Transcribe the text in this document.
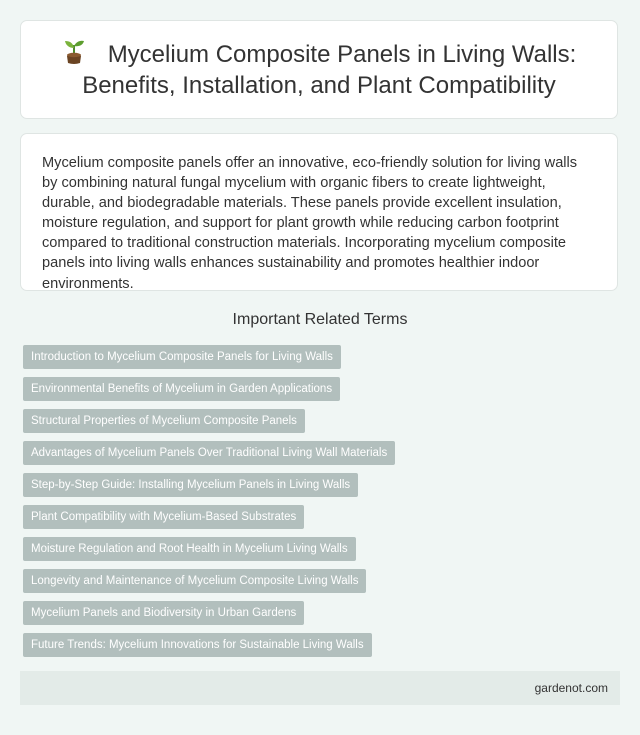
Mycelium Composite Panels in Living Walls:
Benefits, Installation, and Plant Compatibility

Mycelium composite panels offer an innovative, eco-friendly solution for living walls by combining natural fungal mycelium with organic fibers to create lightweight, durable, and biodegradable materials. These panels provide excellent insulation, moisture regulation, and support for plant growth while reducing carbon footprint compared to traditional construction materials. Incorporating mycelium composite panels into living walls enhances sustainability and promotes healthier indoor environments.

Important Related Terms
Introduction to Mycelium Composite Panels for Living Walls
Environmental Benefits of Mycelium in Garden Applications
Structural Properties of Mycelium Composite Panels
Advantages of Mycelium Panels Over Traditional Living Wall Materials
Step-by-Step Guide: Installing Mycelium Panels in Living Walls
Plant Compatibility with Mycelium-Based Substrates
Moisture Regulation and Root Health in Mycelium Living Walls
Longevity and Maintenance of Mycelium Composite Living Walls
Mycelium Panels and Biodiversity in Urban Gardens
Future Trends: Mycelium Innovations for Sustainable Living Walls
gardenot.com
